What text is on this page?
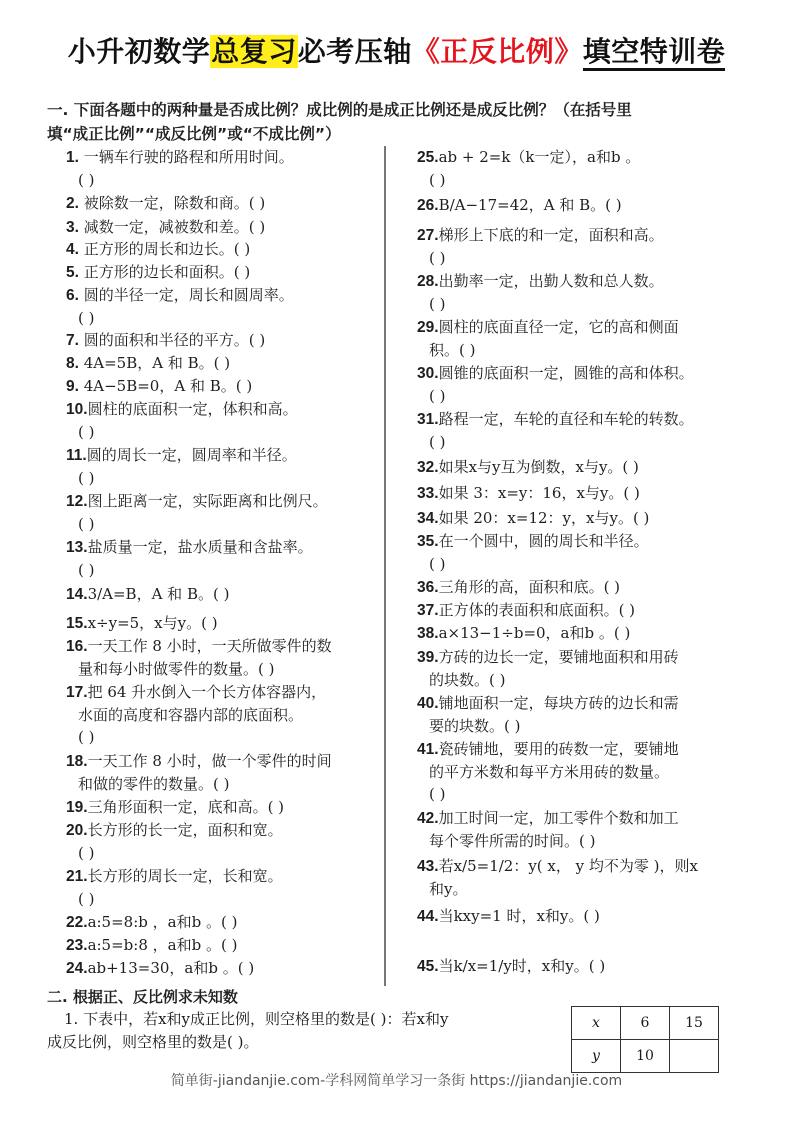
小升初数学总复习必考压轴《正反比例》填空特训卷
一. 下面各题中的两种量是否成比例？成比例的是成正比例还是成反比例？（在括号里
填“成正比例”“成反比例”或“不成比例”）
1. 一辆车行驶的路程和所用时间。
( )
2. 被除数一定，除数和商。( )
3. 减数一定，减被数和差。( )
4. 正方形的周长和边长。( )
5. 正方形的边长和面积。( )
6. 圆的半径一定，周长和圆周率。
( )
7. 圆的面积和半径的平方。( )
8. 4A=5B，A 和 B。( )
9. 4A−5B=0，A 和 B。( )
10.圆柱的底面积一定，体积和高。
( )
11.圆的周长一定，圆周率和半径。
( )
12.图上距离一定，实际距离和比例尺。
( )
13.盐质量一定，盐水质量和含盐率。
( )
14.3/A=B，A 和 B。( )
15.x÷y=5，x与y。( )
16.一天工作 8 小时，一天所做零件的数
量和每小时做零件的数量。( )
17.把 64 升水倒入一个长方体容器内，
水面的高度和容器内部的底面积。
( )
18.一天工作 8 小时，做一个零件的时间
和做的零件的数量。( )
19.三角形面积一定，底和高。( )
20.长方形的长一定，面积和宽。
( )
21.长方形的周长一定，长和宽。
( )
22.a:5=8:b ，a和b 。( )
23.a:5=b:8 ，a和b 。( )
24.ab+13=30，a和b 。( )
25.ab + 2=k（k一定），a和b 。
( )
26.B/A−17=42，A 和 B。( )
27.梯形上下底的和一定，面积和高。
( )
28.出勤率一定，出勤人数和总人数。
( )
29.圆柱的底面直径一定，它的高和侧面
积。( )
30.圆锥的底面积一定，圆锥的高和体积。
( )
31.路程一定，车轮的直径和车轮的转数。
( )
32.如果x与y互为倒数，x与y。( )
33.如果 3：x=y：16，x与y。( )
34.如果 20：x=12：y，x与y。( )
35.在一个圆中，圆的周长和半径。
( )
36.三角形的高，面积和底。( )
37.正方体的表面积和底面积。( )
38.a×13−1÷b=0，a和b 。( )
39.方砖的边长一定，要铺地面积和用砖
的块数。( )
40.铺地面积一定，每块方砖的边长和需
要的块数。( )
41.瓷砖铺地，要用的砖数一定，要铺地
的平方米数和每平方米用砖的数量。
( )
42.加工时间一定，加工零件个数和加工
每个零件所需的时间。( )
43.若x/5=1/2：y( x， y 均不为零 )，则x
和y。
44.当kxy=1 时，x和y。( )
45.当k/x=1/y时，x和y。( )
二. 根据正、反比例求未知数
1. 下表中，若x和y成正比例，则空格里的数是( )：若x和y
成反比例，则空格里的数是( )。
x	6	15
y	10	
简单街-jiandanjie.com-学科网简单学习一条街 https://jiandanjie.com
